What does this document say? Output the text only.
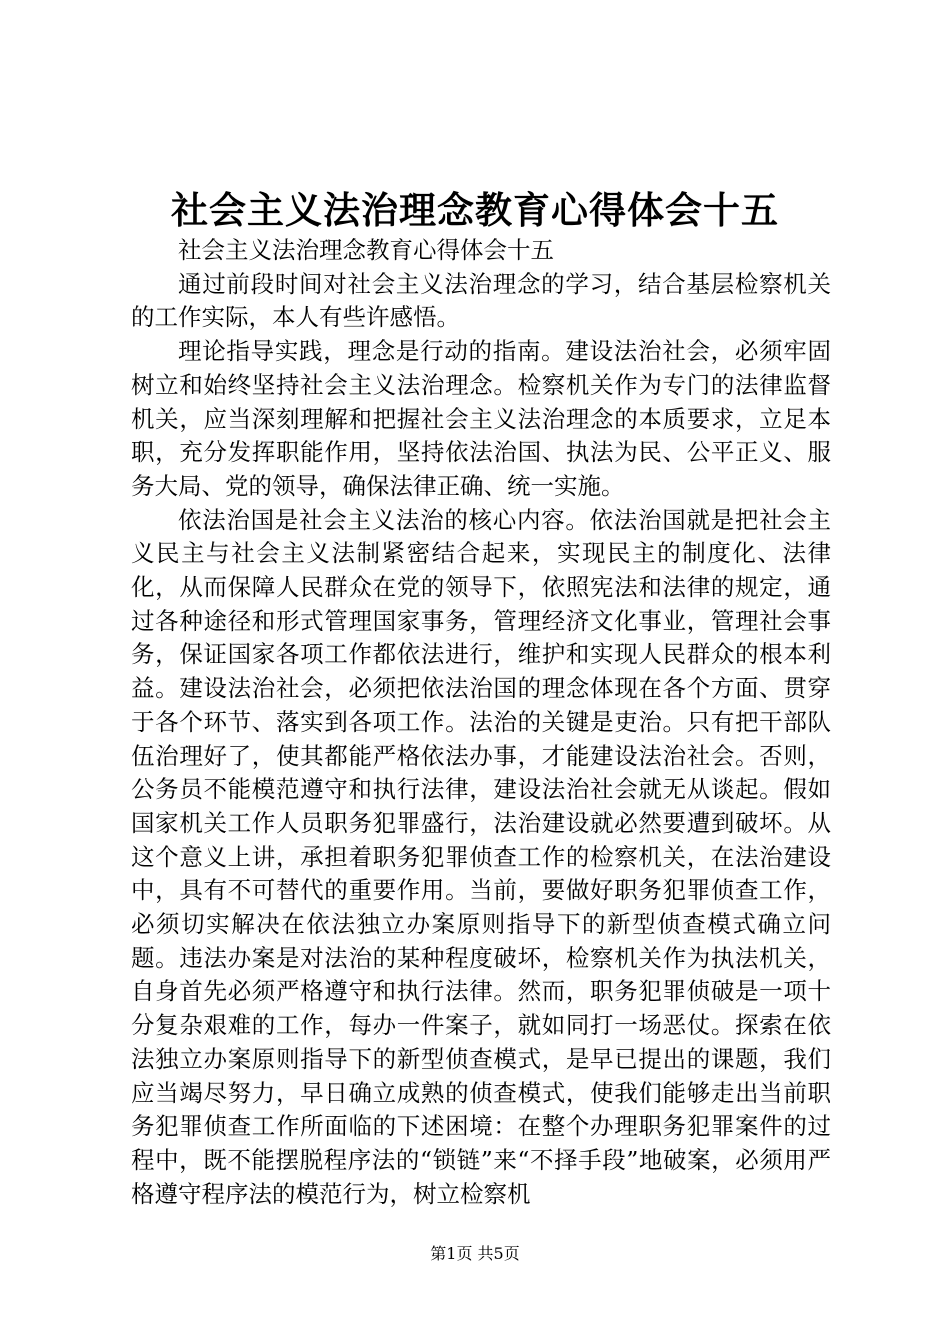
社会主义法治理念教育心得体会十五

社会主义法治理念教育心得体会十五

通过前段时间对社会主义法治理念的学习，结合基层检察机关的工作实际，本人有些许感悟。

理论指导实践，理念是行动的指南。建设法治社会，必须牢固树立和始终坚持社会主义法治理念。检察机关作为专门的法律监督机关，应当深刻理解和把握社会主义法治理念的本质要求，立足本职，充分发挥职能作用，坚持依法治国、执法为民、公平正义、服务大局、党的领导，确保法律正确、统一实施。

依法治国是社会主义法治的核心内容。依法治国就是把社会主义民主与社会主义法制紧密结合起来，实现民主的制度化、法律化，从而保障人民群众在党的领导下，依照宪法和法律的规定，通过各种途径和形式管理国家事务，管理经济文化事业，管理社会事务，保证国家各项工作都依法进行，维护和实现人民群众的根本利益。建设法治社会，必须把依法治国的理念体现在各个方面、贯穿于各个环节、落实到各项工作。法治的关键是吏治。只有把干部队伍治理好了，使其都能严格依法办事，才能建设法治社会。否则，公务员不能模范遵守和执行法律，建设法治社会就无从谈起。假如国家机关工作人员职务犯罪盛行，法治建设就必然要遭到破坏。从这个意义上讲，承担着职务犯罪侦查工作的检察机关，在法治建设中，具有不可替代的重要作用。当前，要做好职务犯罪侦查工作，必须切实解决在依法独立办案原则指导下的新型侦查模式确立问题。违法办案是对法治的某种程度破坏，检察机关作为执法机关，自身首先必须严格遵守和执行法律。然而，职务犯罪侦破是一项十分复杂艰难的工作，每办一件案子，就如同打一场恶仗。探索在依法独立办案原则指导下的新型侦查模式，是早已提出的课题，我们应当竭尽努力，早日确立成熟的侦查模式，使我们能够走出当前职务犯罪侦查工作所面临的下述困境：在整个办理职务犯罪案件的过程中，既不能摆脱程序法的“锁链”来“不择手段”地破案，必须用严格遵守程序法的模范行为，树立检察机

第1页 共5页
